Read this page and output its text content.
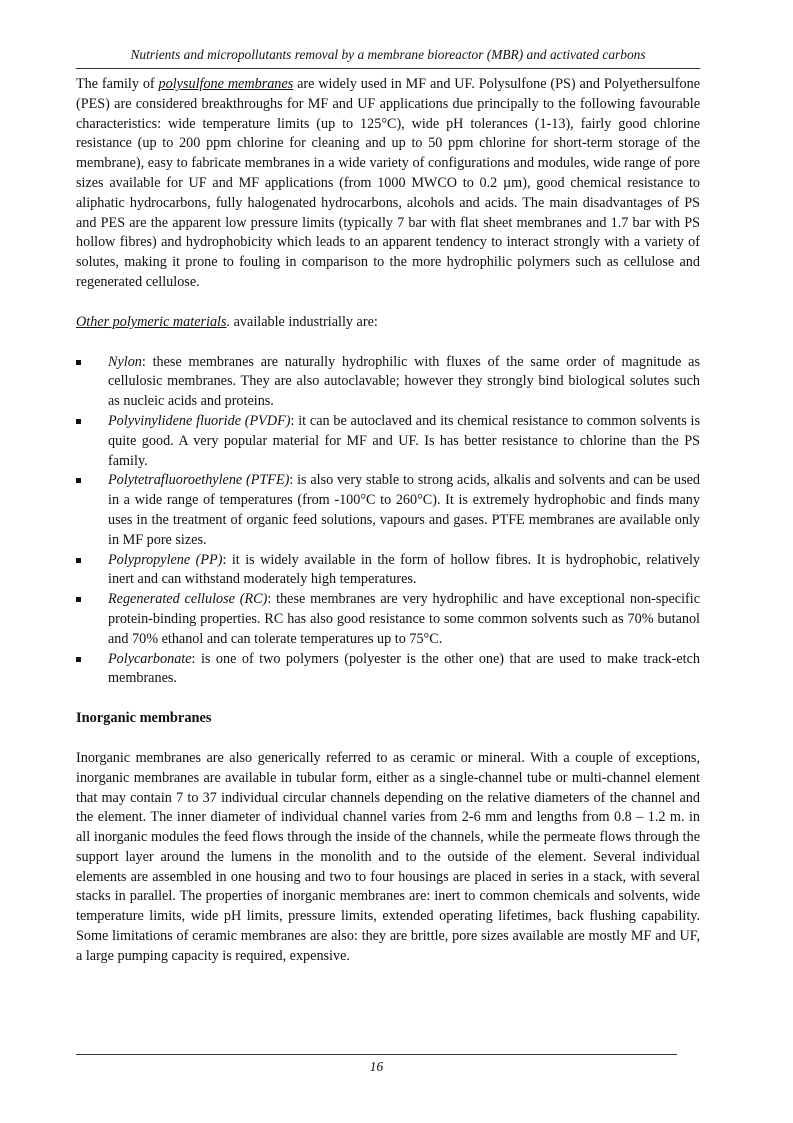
Nutrients and micropollutants removal by a membrane bioreactor (MBR) and activated carbons

The family of polysulfone membranes are widely used in MF and UF. Polysulfone (PS) and Polyethersulfone (PES) are considered breakthroughs for MF and UF applications due principally to the following favourable characteristics: wide temperature limits (up to 125°C), wide pH tolerances (1-13), fairly good chlorine resistance (up to 200 ppm chlorine for cleaning and up to 50 ppm chlorine for short-term storage of the membrane), easy to fabricate membranes in a wide variety of configurations and modules, wide range of pore sizes available for UF and MF applications (from 1000 MWCO to 0.2 µm), good chemical resistance to aliphatic hydrocarbons, fully halogenated hydrocarbons, alcohols and acids. The main disadvantages of PS and PES are the apparent low pressure limits (typically 7 bar with flat sheet membranes and 1.7 bar with PS hollow fibres) and hydrophobicity which leads to an apparent tendency to interact strongly with a variety of solutes, making it prone to fouling in comparison to the more hydrophilic polymers such as cellulose and regenerated cellulose.

Other polymeric materials. available industrially are:

Nylon: these membranes are naturally hydrophilic with fluxes of the same order of magnitude as cellulosic membranes. They are also autoclavable; however they strongly bind biological solutes such as nucleic acids and proteins.
Polyvinylidene fluoride (PVDF): it can be autoclaved and its chemical resistance to common solvents is quite good. A very popular material for MF and UF. Is has better resistance to chlorine than the PS family.
Polytetrafluoroethylene (PTFE): is also very stable to strong acids, alkalis and solvents and can be used in a wide range of temperatures (from -100°C to 260°C). It is extremely hydrophobic and finds many uses in the treatment of organic feed solutions, vapours and gases. PTFE membranes are available only in MF pore sizes.
Polypropylene (PP): it is widely available in the form of hollow fibres. It is hydrophobic, relatively inert and can withstand moderately high temperatures.
Regenerated cellulose (RC): these membranes are very hydrophilic and have exceptional non-specific protein-binding properties. RC has also good resistance to some common solvents such as 70% butanol and 70% ethanol and can tolerate temperatures up to 75°C.
Polycarbonate: is one of two polymers (polyester is the other one) that are used to make track-etch membranes.
Inorganic membranes

Inorganic membranes are also generically referred to as ceramic or mineral. With a couple of exceptions, inorganic membranes are available in tubular form, either as a single-channel tube or multi-channel element that may contain 7 to 37 individual circular channels depending on the relative diameters of the channel and the element. The inner diameter of individual channel varies from 2-6 mm and lengths from 0.8 – 1.2 m. in all inorganic modules the feed flows through the inside of the channels, while the permeate flows through the support layer around the lumens in the monolith and to the outside of the element. Several individual elements are assembled in one housing and two to four housings are placed in series in a stack, with several stacks in parallel. The properties of inorganic membranes are: inert to common chemicals and solvents, wide temperature limits, wide pH limits, pressure limits, extended operating lifetimes, back flushing capability. Some limitations of ceramic membranes are also: they are brittle, pore sizes available are mostly MF and UF, a large pumping capacity is required, expensive.

16
